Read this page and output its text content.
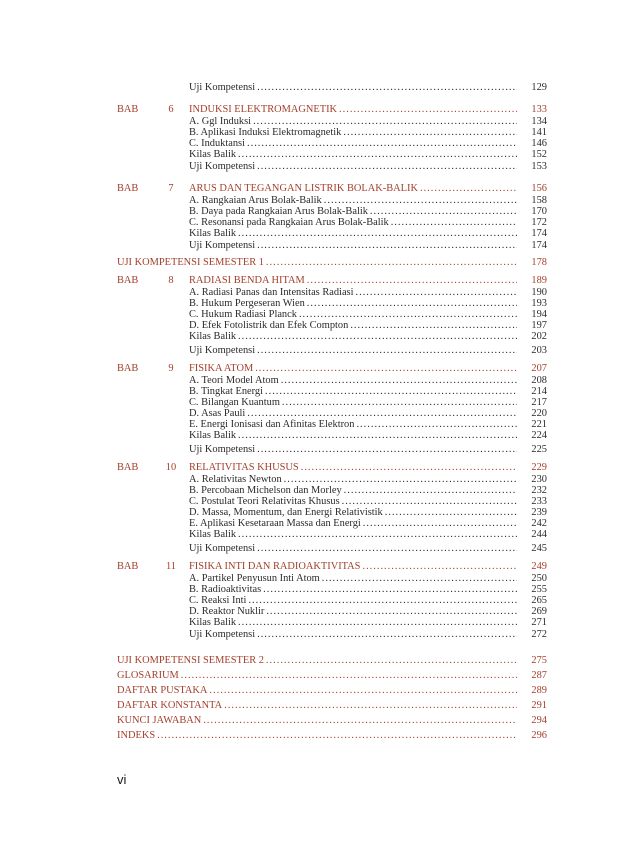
Uji Kompetensi .....	129
BAB	6	INDUKSI ELEKTROMAGNETIK .....	133
A. Ggl Induksi .....	134
B. Aplikasi Induksi Elektromagnetik .....	141
C. Induktansi .....	146
Kilas Balik .....	152
Uji Kompetensi .....	153
BAB	7	ARUS DAN TEGANGAN LISTRIK BOLAK-BALIK .....	156
A. Rangkaian Arus Bolak-Balik .....	158
B. Daya pada Rangkaian Arus Bolak-Balik .....	170
C. Resonansi pada Rangkaian Arus Bolak-Balik .....	172
Kilas Balik .....	174
Uji Kompetensi .....	174
UJI KOMPETENSI SEMESTER 1 .....	178
BAB	8	RADIASI BENDA HITAM .....	189
A. Radiasi Panas dan Intensitas Radiasi .....	190
B. Hukum Pergeseran Wien .....	193
C. Hukum Radiasi Planck .....	194
D. Efek Fotolistrik dan Efek Compton .....	197
Kilas Balik .....	202
Uji Kompetensi .....	203
BAB	9	FISIKA ATOM .....	207
A. Teori Model Atom .....	208
B. Tingkat Energi .....	214
C. Bilangan Kuantum .....	217
D. Asas Pauli .....	220
E. Energi Ionisasi dan Afinitas Elektron .....	221
Kilas Balik .....	224
Uji Kompetensi .....	225
BAB	10	RELATIVITAS KHUSUS .....	229
A. Relativitas Newton .....	230
B. Percobaan Michelson dan Morley .....	232
C. Postulat Teori Relativitas Khusus .....	233
D. Massa, Momentum, dan Energi Relativistik .....	239
E. Aplikasi Kesetaraan Massa dan Energi .....	242
Kilas Balik .....	244
Uji Kompetensi .....	245
BAB	11	FISIKA INTI DAN RADIOAKTIVITAS .....	249
A. Partikel Penyusun Inti Atom .....	250
B. Radioaktivitas .....	255
C. Reaksi Inti .....	265
D. Reaktor Nuklir .....	269
Kilas Balik .....	271
Uji Kompetensi .....	272
UJI KOMPETENSI SEMESTER 2 .....	275
GLOSARIUM .....	287
DAFTAR PUSTAKA .....	289
DAFTAR KONSTANTA .....	291
KUNCI JAWABAN .....	294
INDEKS .....	296
vi
